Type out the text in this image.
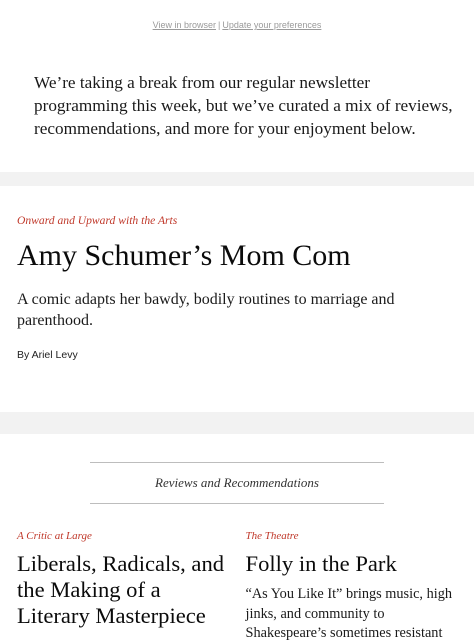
View in browser | Update your preferences
We’re taking a break from our regular newsletter programming this week, but we’ve curated a mix of reviews, recommendations, and more for your enjoyment below.

Onward and Upward with the Arts

Amy Schumer’s Mom Com

A comic adapts her bawdy, bodily routines to marriage and parenthood.

By Ariel Levy

Reviews and Recommendations

A Critic at Large

Liberals, Radicals, and the Making of a Literary Masterpiece

The Theatre

Folly in the Park

“As You Like It” brings music, high jinks, and community to Shakespeare’s sometimes resistant
